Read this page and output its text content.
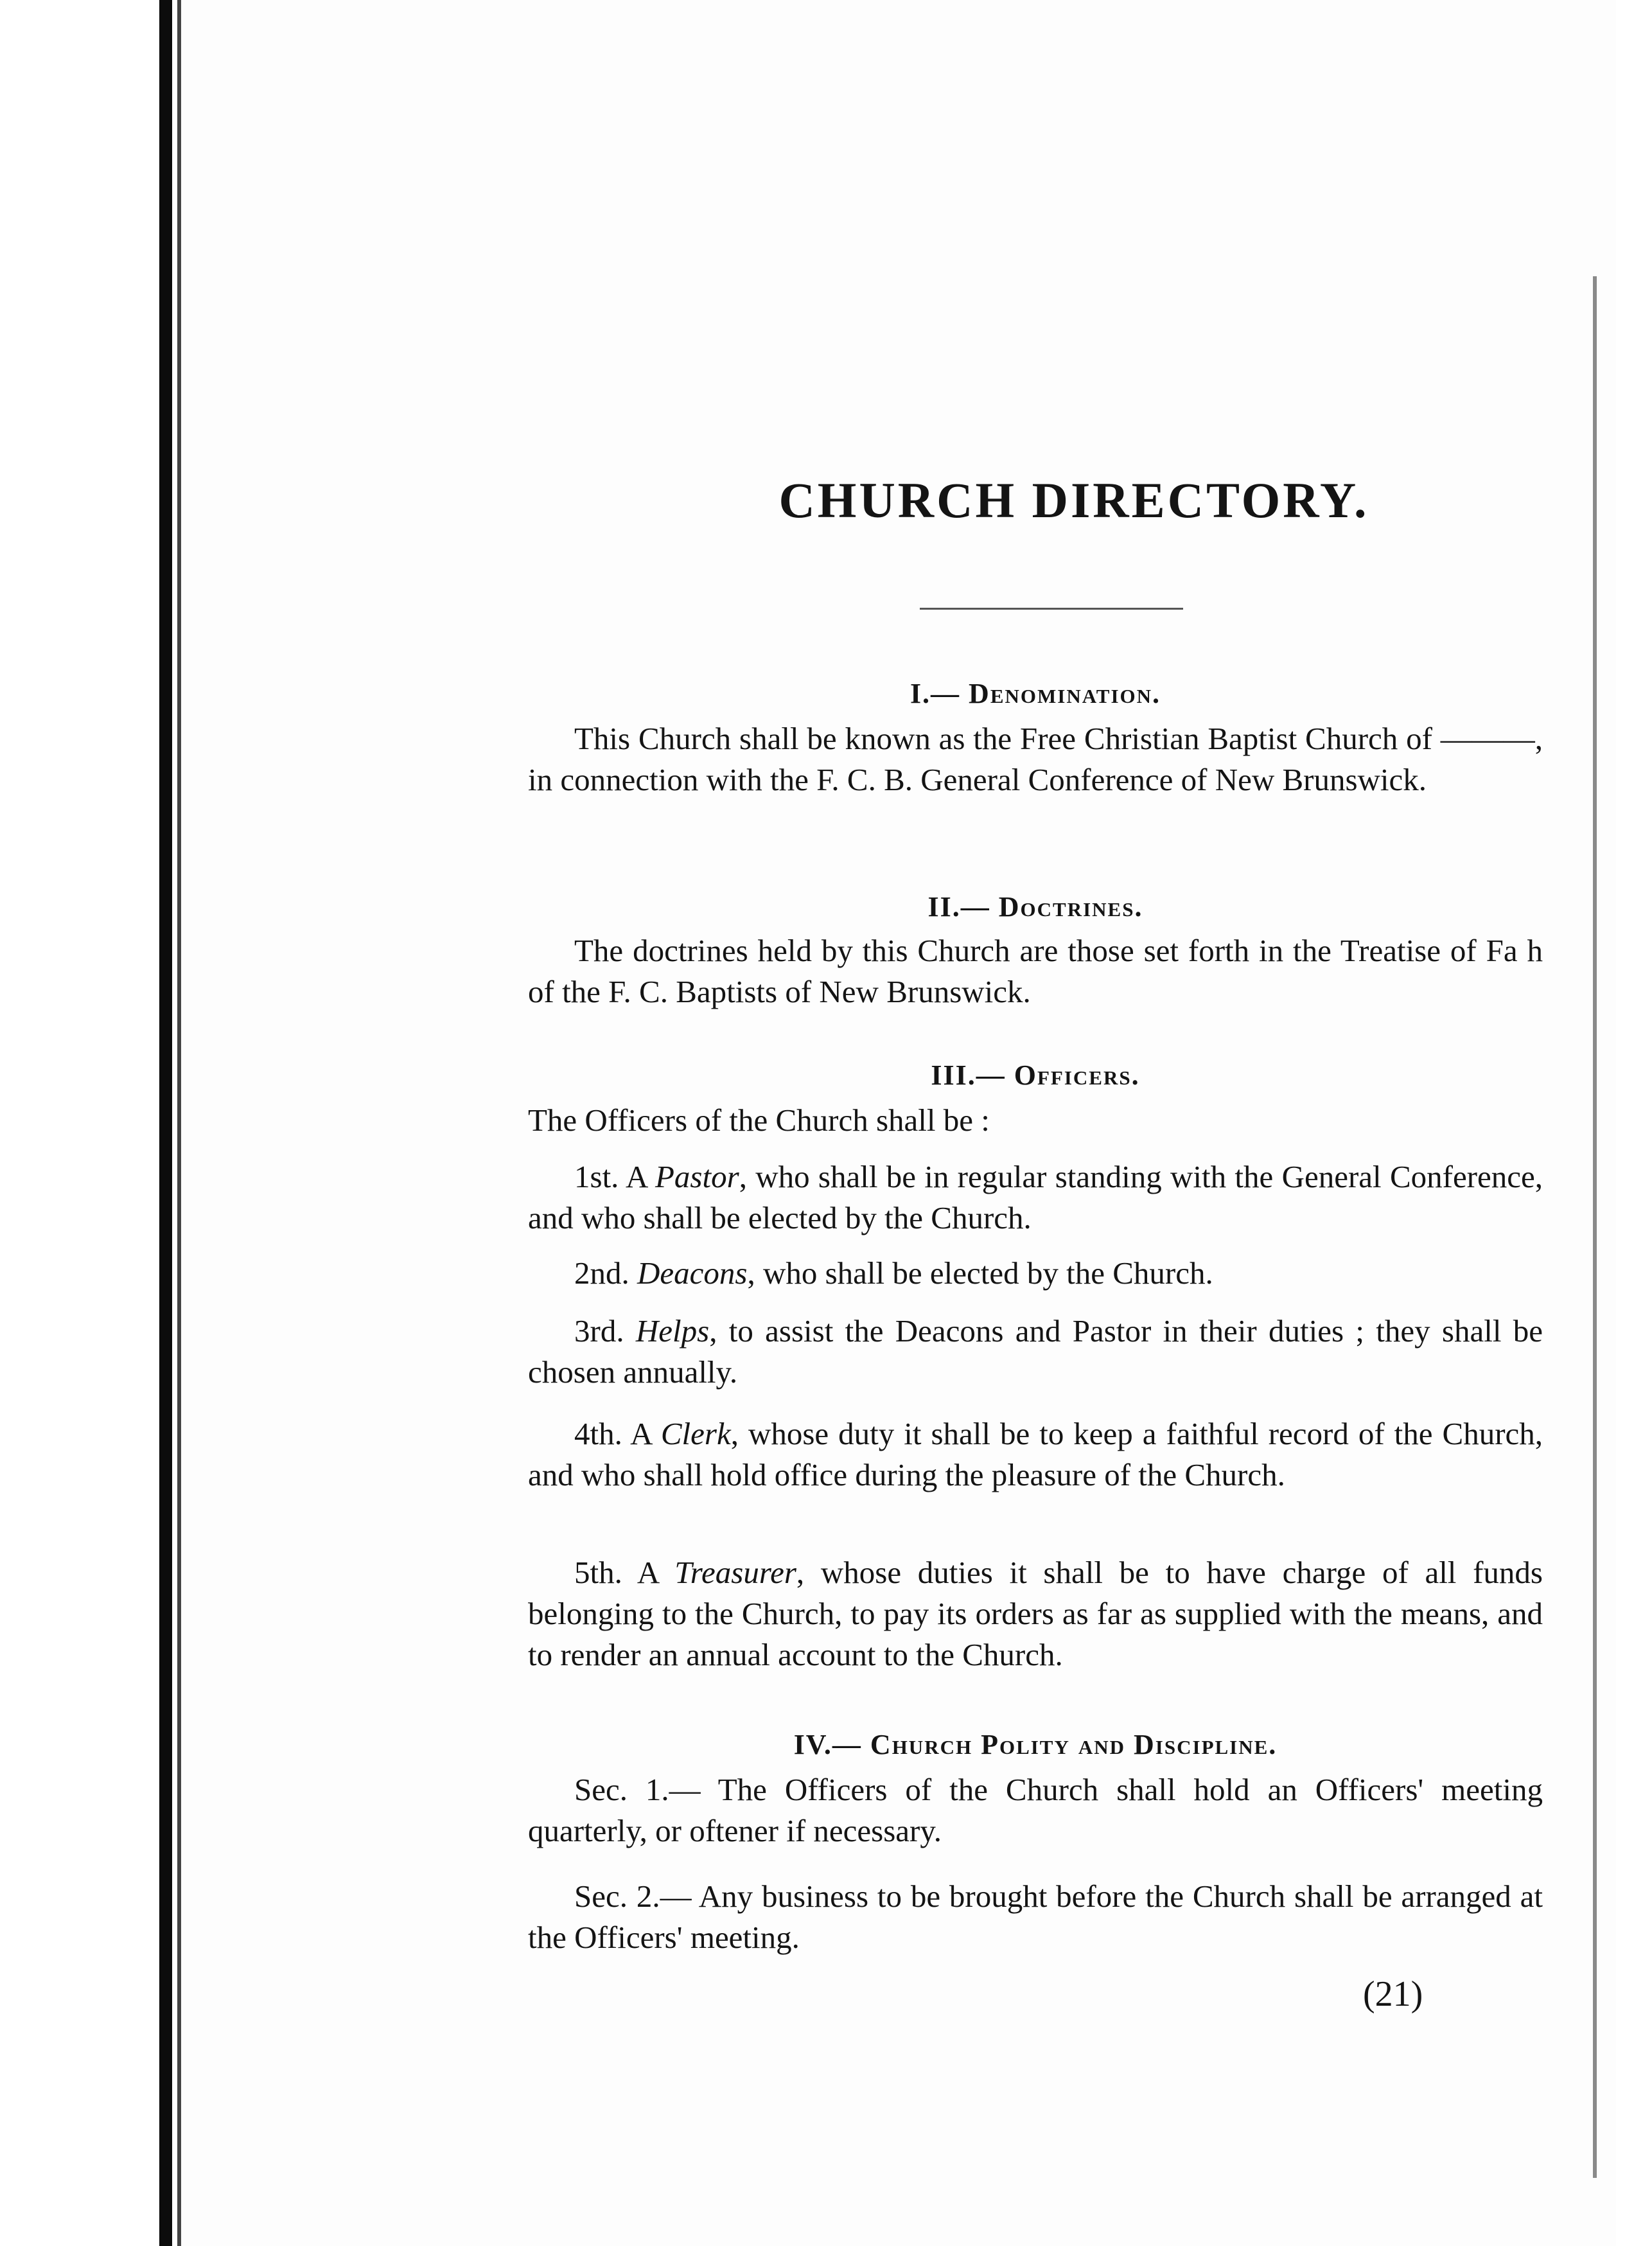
CHURCH DIRECTORY.
I.— Denomination.

This Church shall be known as the Free Christian Baptist Church of ———, in connection with the F. C. B. General Conference of New Brunswick.

II.— Doctrines.

The doctrines held by this Church are those set forth in the Treatise of Fa h of the F. C. Baptists of New Brunswick.

III.— Officers.

The Officers of the Church shall be :

1st. A Pastor, who shall be in regular standing with the General Conference, and who shall be elected by the Church.

2nd. Deacons, who shall be elected by the Church.

3rd. Helps, to assist the Deacons and Pastor in their duties ; they shall be chosen annually.

4th. A Clerk, whose duty it shall be to keep a faithful record of the Church, and who shall hold office during the pleasure of the Church.

5th. A Treasurer, whose duties it shall be to have charge of all funds belonging to the Church, to pay its orders as far as supplied with the means, and to render an annual account to the Church.

IV.— Church Polity and Discipline.

Sec. 1.— The Officers of the Church shall hold an Officers' meeting quarterly, or oftener if necessary.

Sec. 2.— Any business to be brought before the Church shall be arranged at the Officers' meeting.

(21)
